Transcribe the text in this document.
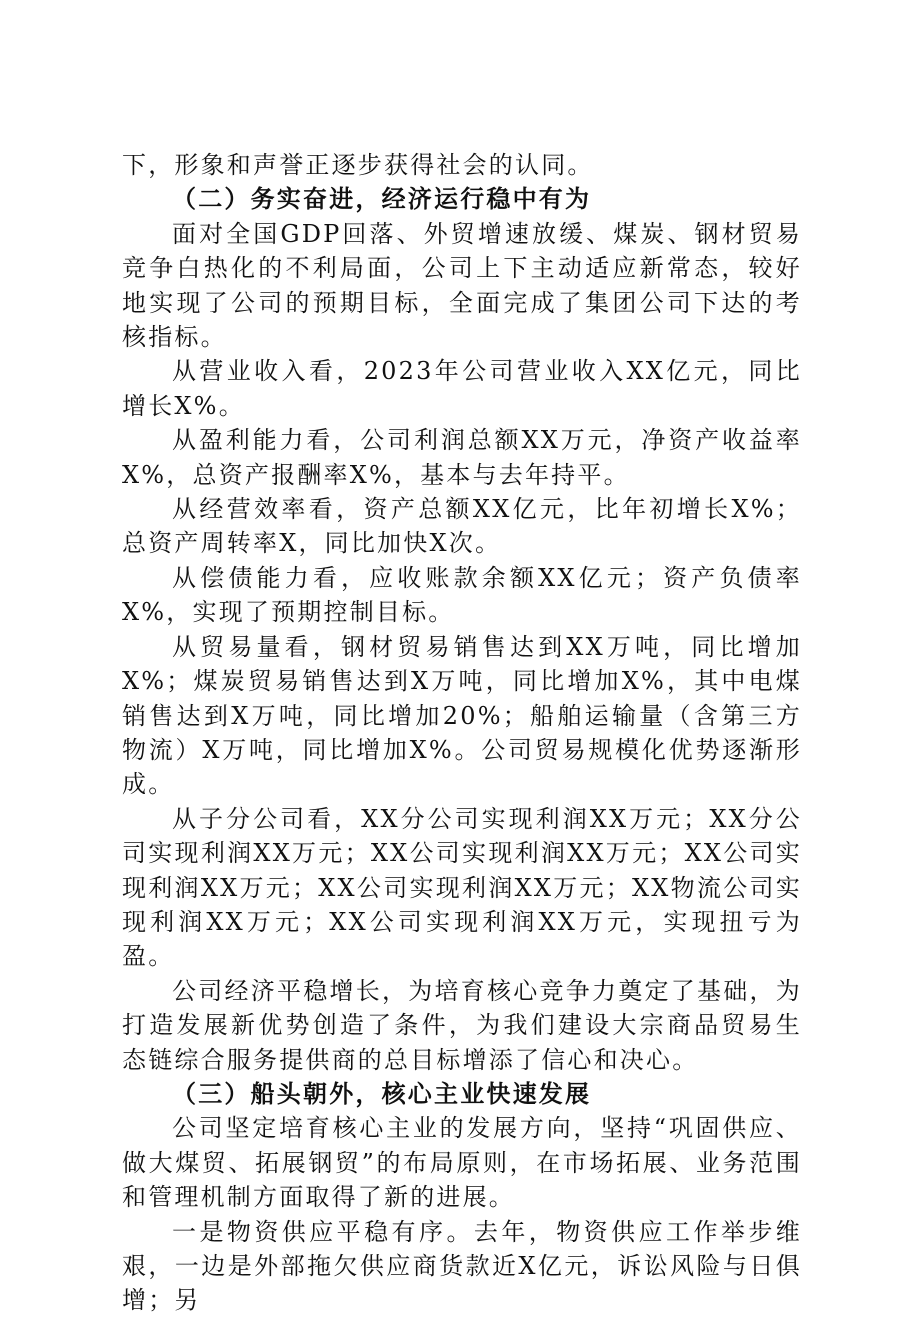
下，形象和声誉正逐步获得社会的认同。

（二）务实奋进，经济运行稳中有为

面对全国GDP回落、外贸增速放缓、煤炭、钢材贸易竞争白热化的不利局面，公司上下主动适应新常态，较好地实现了公司的预期目标，全面完成了集团公司下达的考核指标。

从营业收入看，2023年公司营业收入XX亿元，同比增长X%。

从盈利能力看，公司利润总额XX万元，净资产收益率X%，总资产报酬率X%，基本与去年持平。

从经营效率看，资产总额XX亿元，比年初增长X%；总资产周转率X，同比加快X次。

从偿债能力看，应收账款余额XX亿元；资产负债率X%，实现了预期控制目标。

从贸易量看，钢材贸易销售达到XX万吨，同比增加X%；煤炭贸易销售达到X万吨，同比增加X%，其中电煤销售达到X万吨，同比增加20%；船舶运输量（含第三方物流）X万吨，同比增加X%。公司贸易规模化优势逐渐形成。

从子分公司看，XX分公司实现利润XX万元；XX分公司实现利润XX万元；XX公司实现利润XX万元；XX公司实现利润XX万元；XX公司实现利润XX万元；XX物流公司实现利润XX万元；XX公司实现利润XX万元，实现扭亏为盈。

公司经济平稳增长，为培育核心竞争力奠定了基础，为打造发展新优势创造了条件，为我们建设大宗商品贸易生态链综合服务提供商的总目标增添了信心和决心。

（三）船头朝外，核心主业快速发展

公司坚定培育核心主业的发展方向，坚持“巩固供应、做大煤贸、拓展钢贸”的布局原则，在市场拓展、业务范围和管理机制方面取得了新的进展。

一是物资供应平稳有序。去年，物资供应工作举步维艰，一边是外部拖欠供应商货款近X亿元，诉讼风险与日俱增；另
